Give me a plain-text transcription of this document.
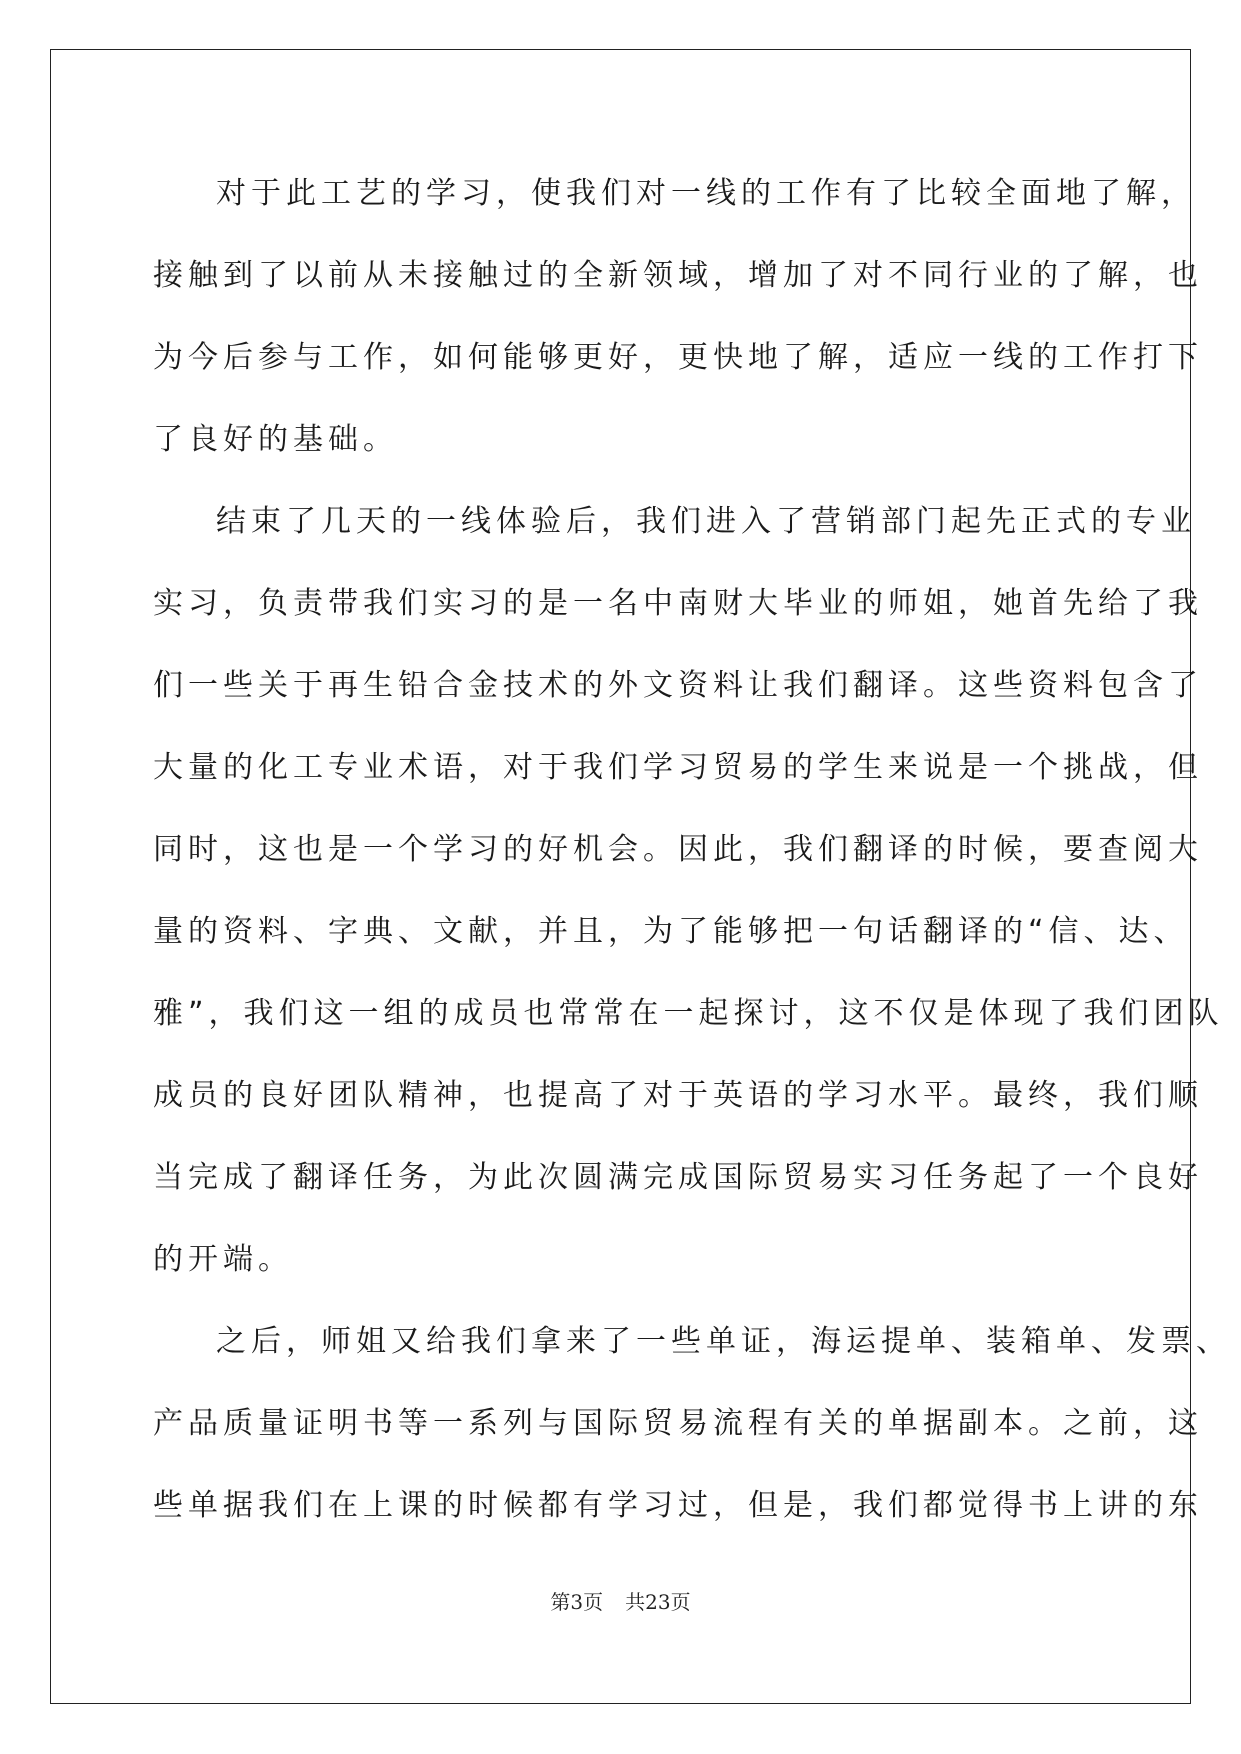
对于此工艺的学习，使我们对一线的工作有了比较全面地了解，
接触到了以前从未接触过的全新领域，增加了对不同行业的了解，也
为今后参与工作，如何能够更好，更快地了解，适应一线的工作打下
了良好的基础。
结束了几天的一线体验后，我们进入了营销部门起先正式的专业
实习，负责带我们实习的是一名中南财大毕业的师姐，她首先给了我
们一些关于再生铅合金技术的外文资料让我们翻译。这些资料包含了
大量的化工专业术语，对于我们学习贸易的学生来说是一个挑战，但
同时，这也是一个学习的好机会。因此，我们翻译的时候，要查阅大
量的资料、字典、文献，并且，为了能够把一句话翻译的“信、达、
雅”，我们这一组的成员也常常在一起探讨，这不仅是体现了我们团队
成员的良好团队精神，也提高了对于英语的学习水平。最终，我们顺
当完成了翻译任务，为此次圆满完成国际贸易实习任务起了一个良好
的开端。
之后，师姐又给我们拿来了一些单证，海运提单、装箱单、发票、
产品质量证明书等一系列与国际贸易流程有关的单据副本。之前，这
些单据我们在上课的时候都有学习过，但是，我们都觉得书上讲的东
第3页 共23页
